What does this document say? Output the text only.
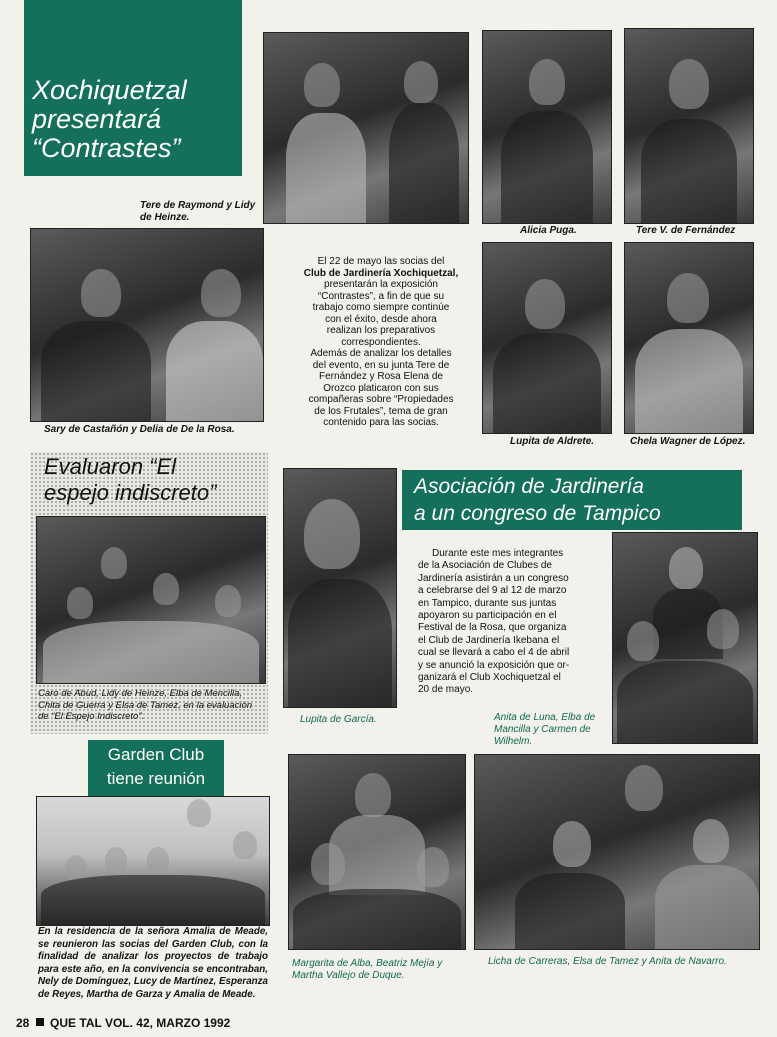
Xochiquetzal
presentará
“Contrastes”
Tere de Raymond y Lidy de Heinze.
Alicia Puga.	Tere V. de Fernández
Sary de Castañón y Delia de De la Rosa.
El 22 de mayo las socias del
Club de Jardinería Xochiquetzal,
presentarán la exposición
“Contrastes”, a fin de que su
trabajo como siempre continúe
con el éxito, desde ahora
realizan los preparativos
correspondientes.
Además de analizar los detalles
del evento, en su junta Tere de
Fernández y Rosa Elena de
Orozco platicaron con sus
compañeras sobre “Propiedades
de los Frutales”, tema de gran
contenido para las socias.
Lupita de Aldrete.	Chela Wagner de López.
Evaluaron “El
espejo indiscreto”
Caro de Abud, Lidy de Heinze, Elba de Mencilla, Chita de Guerra y Elsa de Tamez, en la evaluación de “El Espejo Indiscreto”.	Lupita de García.
Asociación de Jardinería
a un congreso de Tampico
Durante este mes integrantes
de la Asociación de Clubes de
Jardinería asistirán a un congreso
a celebrarse del 9 al 12 de marzo
en Tampico, durante sus juntas
apoyaron su participación en el
Festival de la Rosa, que organiza
el Club de Jardinería Ikebana el
cual se llevará a cabo el 4 de abril
y se anunció la exposición que or-
ganizará el Club Xochiquetzal el
20 de mayo.
Anita de Luna, Elba de Mancilla y Carmen de Wilhelm.
Garden Club
tiene reunión
En la residencia de la señora Amalia de Meade, se reunieron las socias del Garden Club, con la finalidad de analizar los proyectos de trabajo para este año, en la convivencia se encontraban, Nely de Domínguez, Lucy de Martínez, Esperanza de Reyes, Martha de Garza y Amalia de Meade.
Margarita de Alba, Beatriz Mejía y Martha Vallejo de Duque.
Licha de Carreras, Elsa de Tamez y Anita de Navarro.
28 QUE TAL VOL. 42, MARZO 1992
